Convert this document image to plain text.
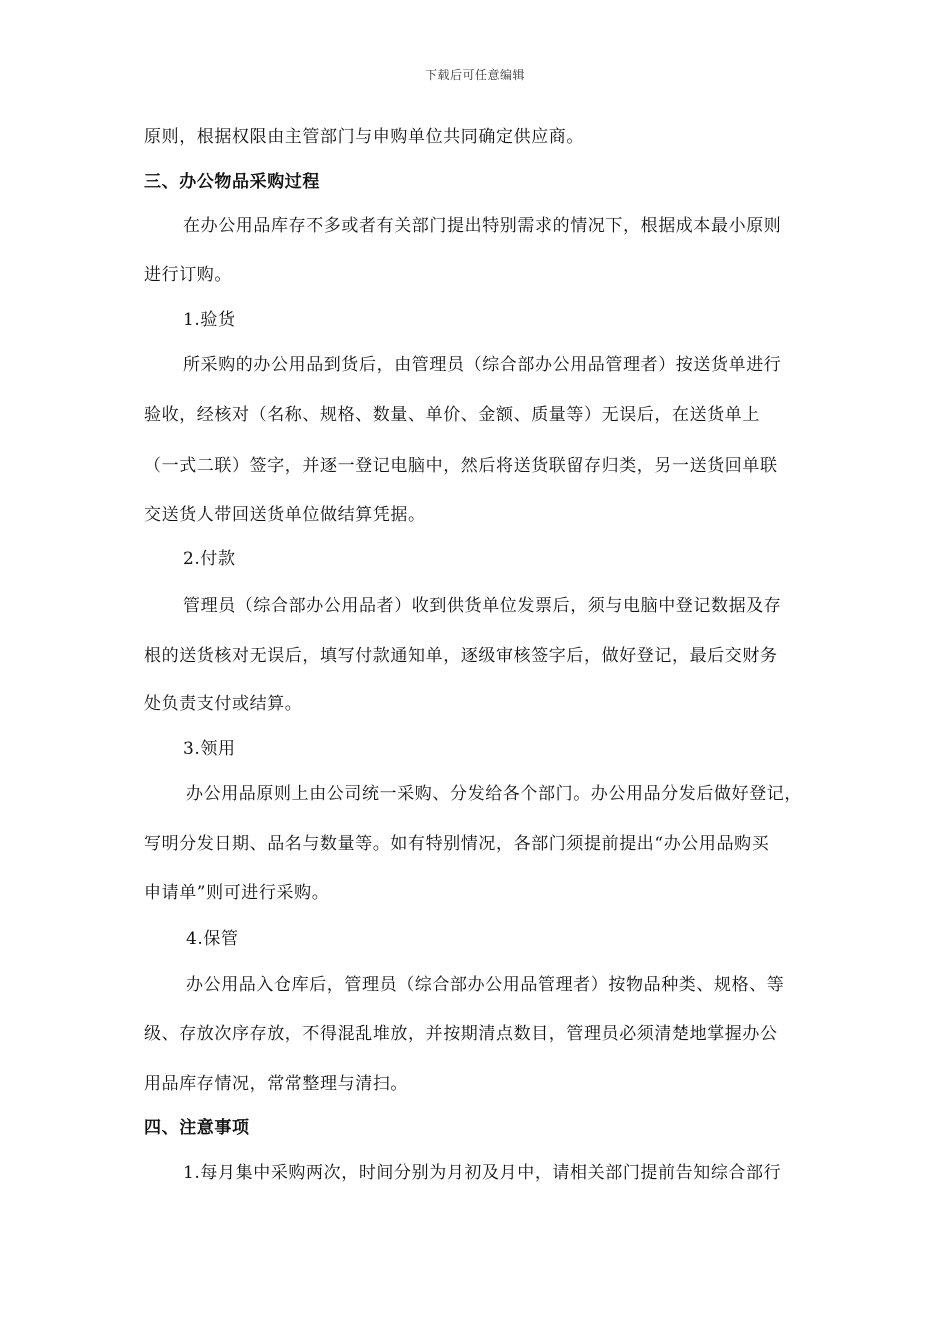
下载后可任意编辑
原则，根据权限由主管部门与申购单位共同确定供应商。
三、办公物品采购过程
在办公用品库存不多或者有关部门提出特别需求的情况下，根据成本最小原则
进行订购。
1.验货
所采购的办公用品到货后，由管理员（综合部办公用品管理者）按送货单进行
验收，经核对（名称、规格、数量、单价、金额、质量等）无误后，在送货单上
（一式二联）签字，并逐一登记电脑中，然后将送货联留存归类，另一送货回单联
交送货人带回送货单位做结算凭据。
2.付款
管理员（综合部办公用品者）收到供货单位发票后，须与电脑中登记数据及存
根的送货核对无误后，填写付款通知单，逐级审核签字后，做好登记，最后交财务
处负责支付或结算。
3.领用
办公用品原则上由公司统一采购、分发给各个部门。办公用品分发后做好登记，
写明分发日期、品名与数量等。如有特别情况，各部门须提前提出“办公用品购买
申请单”则可进行采购。
4.保管
办公用品入仓库后，管理员（综合部办公用品管理者）按物品种类、规格、等
级、存放次序存放，不得混乱堆放，并按期清点数目，管理员必须清楚地掌握办公
用品库存情况，常常整理与清扫。
四、注意事项
1.每月集中采购两次，时间分别为月初及月中，请相关部门提前告知综合部行
